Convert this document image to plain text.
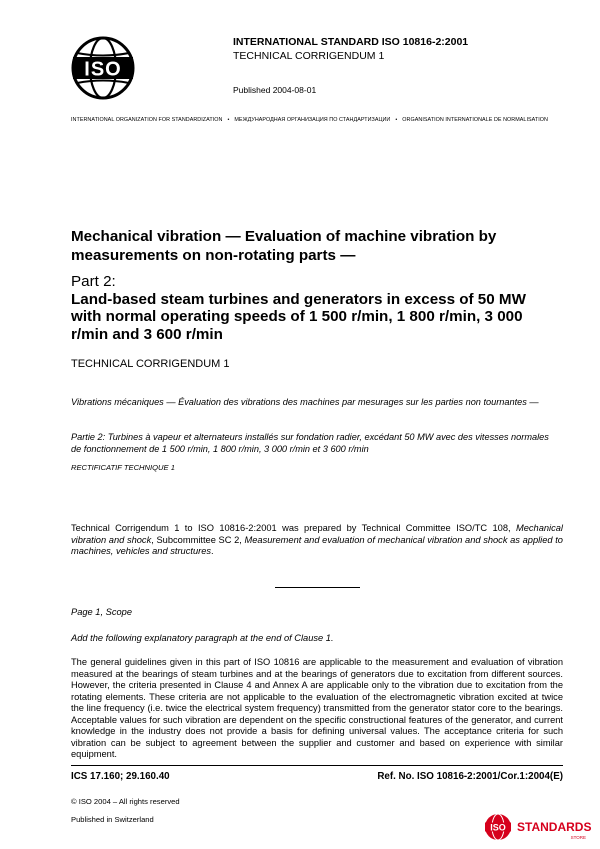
ISO
INTERNATIONAL STANDARD ISO 10816-2:2001
TECHNICAL CORRIGENDUM 1
Published 2004-08-01
INTERNATIONAL ORGANIZATION FOR STANDARDIZATION • МЕЖДУНАРОДНАЯ ОРГАНИЗАЦИЯ ПО СТАНДАРТИЗАЦИИ • ORGANISATION INTERNATIONALE DE NORMALISATION
Mechanical vibration — Evaluation of machine vibration by measurements on non-rotating parts —
Part 2:
Land-based steam turbines and generators in excess of 50 MW with normal operating speeds of 1 500 r/min, 1 800 r/min, 3 000 r/min and 3 600 r/min
TECHNICAL CORRIGENDUM 1
Vibrations mécaniques — Évaluation des vibrations des machines par mesurages sur les parties non tournantes —
Partie 2: Turbines à vapeur et alternateurs installés sur fondation radier, excédant 50 MW avec des vitesses normales de fonctionnement de 1 500 r/min, 1 800 r/min, 3 000 r/min et 3 600 r/min
RECTIFICATIF TECHNIQUE 1
Technical Corrigendum 1 to ISO 10816-2:2001 was prepared by Technical Committee ISO/TC 108, Mechanical vibration and shock, Subcommittee SC 2, Measurement and evaluation of mechanical vibration and shock as applied to machines, vehicles and structures.
Page 1, Scope
Add the following explanatory paragraph at the end of Clause 1.
The general guidelines given in this part of ISO 10816 are applicable to the measurement and evaluation of vibration measured at the bearings of steam turbines and at the bearings of generators due to excitation from different sources. However, the criteria presented in Clause 4 and Annex A are applicable only to the vibration due to excitation from the rotating elements. These criteria are not applicable to the evaluation of the electromagnetic vibration excited at twice the line frequency (i.e. twice the electrical system frequency) transmitted from the generator stator core to the bearings. Acceptable values for such vibration are dependent on the specific constructional features of the generator, and current knowledge in the industry does not provide a basis for defining universal values. The acceptance criteria for such vibration can be subject to agreement between the supplier and customer and based on experience with similar equipment.
ICS 17.160; 29.160.40	Ref. No. ISO 10816-2:2001/Cor.1:2004(E)
© ISO 2004 – All rights reserved
Published in Switzerland
ISO STANDARDS
STORE
